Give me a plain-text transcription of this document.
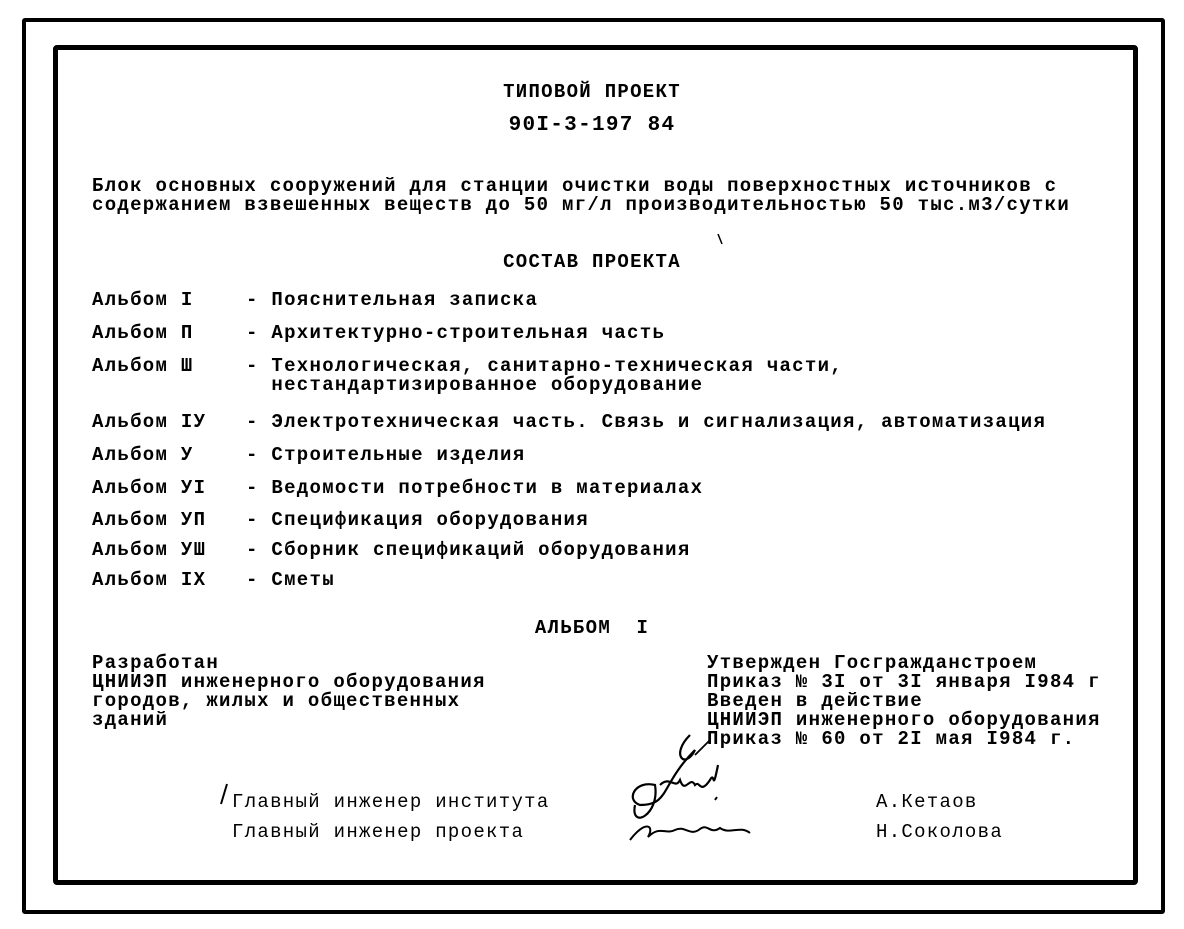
ТИПОВОЙ ПРОЕКТ
90I-3-197 84
Блок основных сооружений для станции очистки воды поверхностных источников с
содержанием взвешенных веществ до 50 мг/л производительностью 50 тыс.м3/сутки
СОСТАВ ПРОЕКТА
Альбом I	- Пояснительная записка
Альбом П	- Архитектурно-строительная часть
Альбом Ш	- Технологическая, санитарно-техническая части,
нестандартизированное оборудование
Альбом IУ - Электротехническая часть. Связь и сигнализация, автоматизация
Альбом У	- Строительные изделия
Альбом УI - Ведомости потребности в материалах
Альбом УП - Спецификация оборудования
Альбом УШ - Сборник спецификаций оборудования
Альбом IX - Сметы
АЛЬБОМ  I
Разработан
ЦНИИЭП инженерного оборудования
городов, жилых и общественных
зданий
Утвержден Госгражданстроем
Приказ № 3I от 3I января I984 г
Введен в действие
ЦНИИЭП инженерного оборудования
Приказ № 60 от 2I мая I984 г.
Главный инженер института	А.Кетаов
Главный инженер проекта	Н.Соколова
